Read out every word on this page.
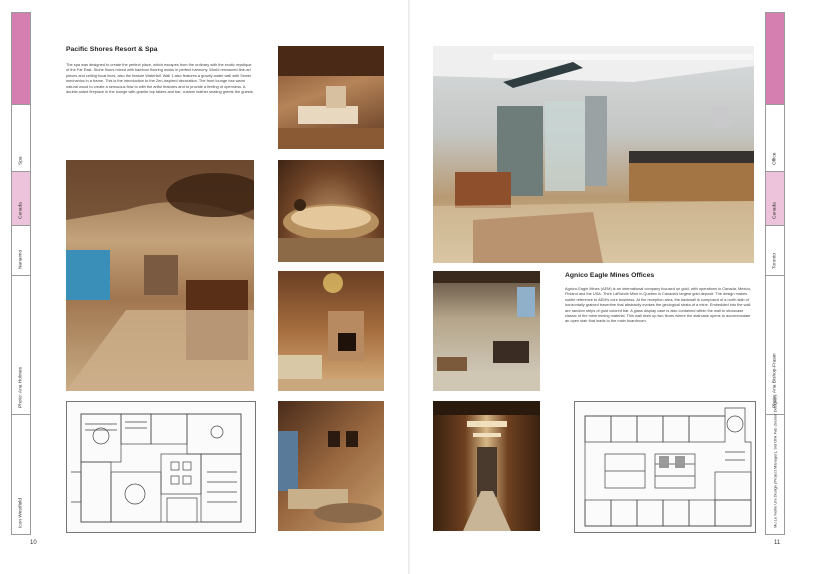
Spa
Canada
Nanaimo
Photo: Ana Holmes
Icon Westfield
Pacific Shores Resort & Spa

The spa was designed to create the perfect place, which escapes from the ordinary with the exotic mystique of the Far East. Stone floors mixed with bamboo flooring works in perfect harmony. World renowned fine-art pieces and ceiling focal lines, also the feature Waterfall. Wall 1 also features a gravity-water wall with Sewer mechanics in a frame. This is the introduction to the Zen-inspired decoration. The front lounge has warm natural wood to create a sensuous flow to with the artful features and to provide a feeling of openness. A double-sided fireplace in the lounge with granite top tables and bar, custom leather seating greets the guests.

10
Agnico Eagle Mines Offices

Agnico-Eagle Mines (AEM) is an international company focused on gold, with operations in Canada, Mexico, Finland and the USA. Their LaRonde Mine in Quebec is Canada's largest gold deposit. The design makes subtle reference to AEM's core business. At the reception area, the backwall is composed of a north slab of horizontally grained travertine that abstractly evokes the geological strata of a mine. Embedded into the wall are random strips of gold colored bar. A glass display case is also contained within the wall to showcase classic of the mine mining material. This wall rises up two floors where the staircase opens to accommodate an open stair that leads to the main boardroom.

11
Office
Canada
Toronto
Photo: Ana Bishop-Fraser
Mu Le Nellie Uni Design (Project Manager), Sid Ohk Fab (Senior Designer)
